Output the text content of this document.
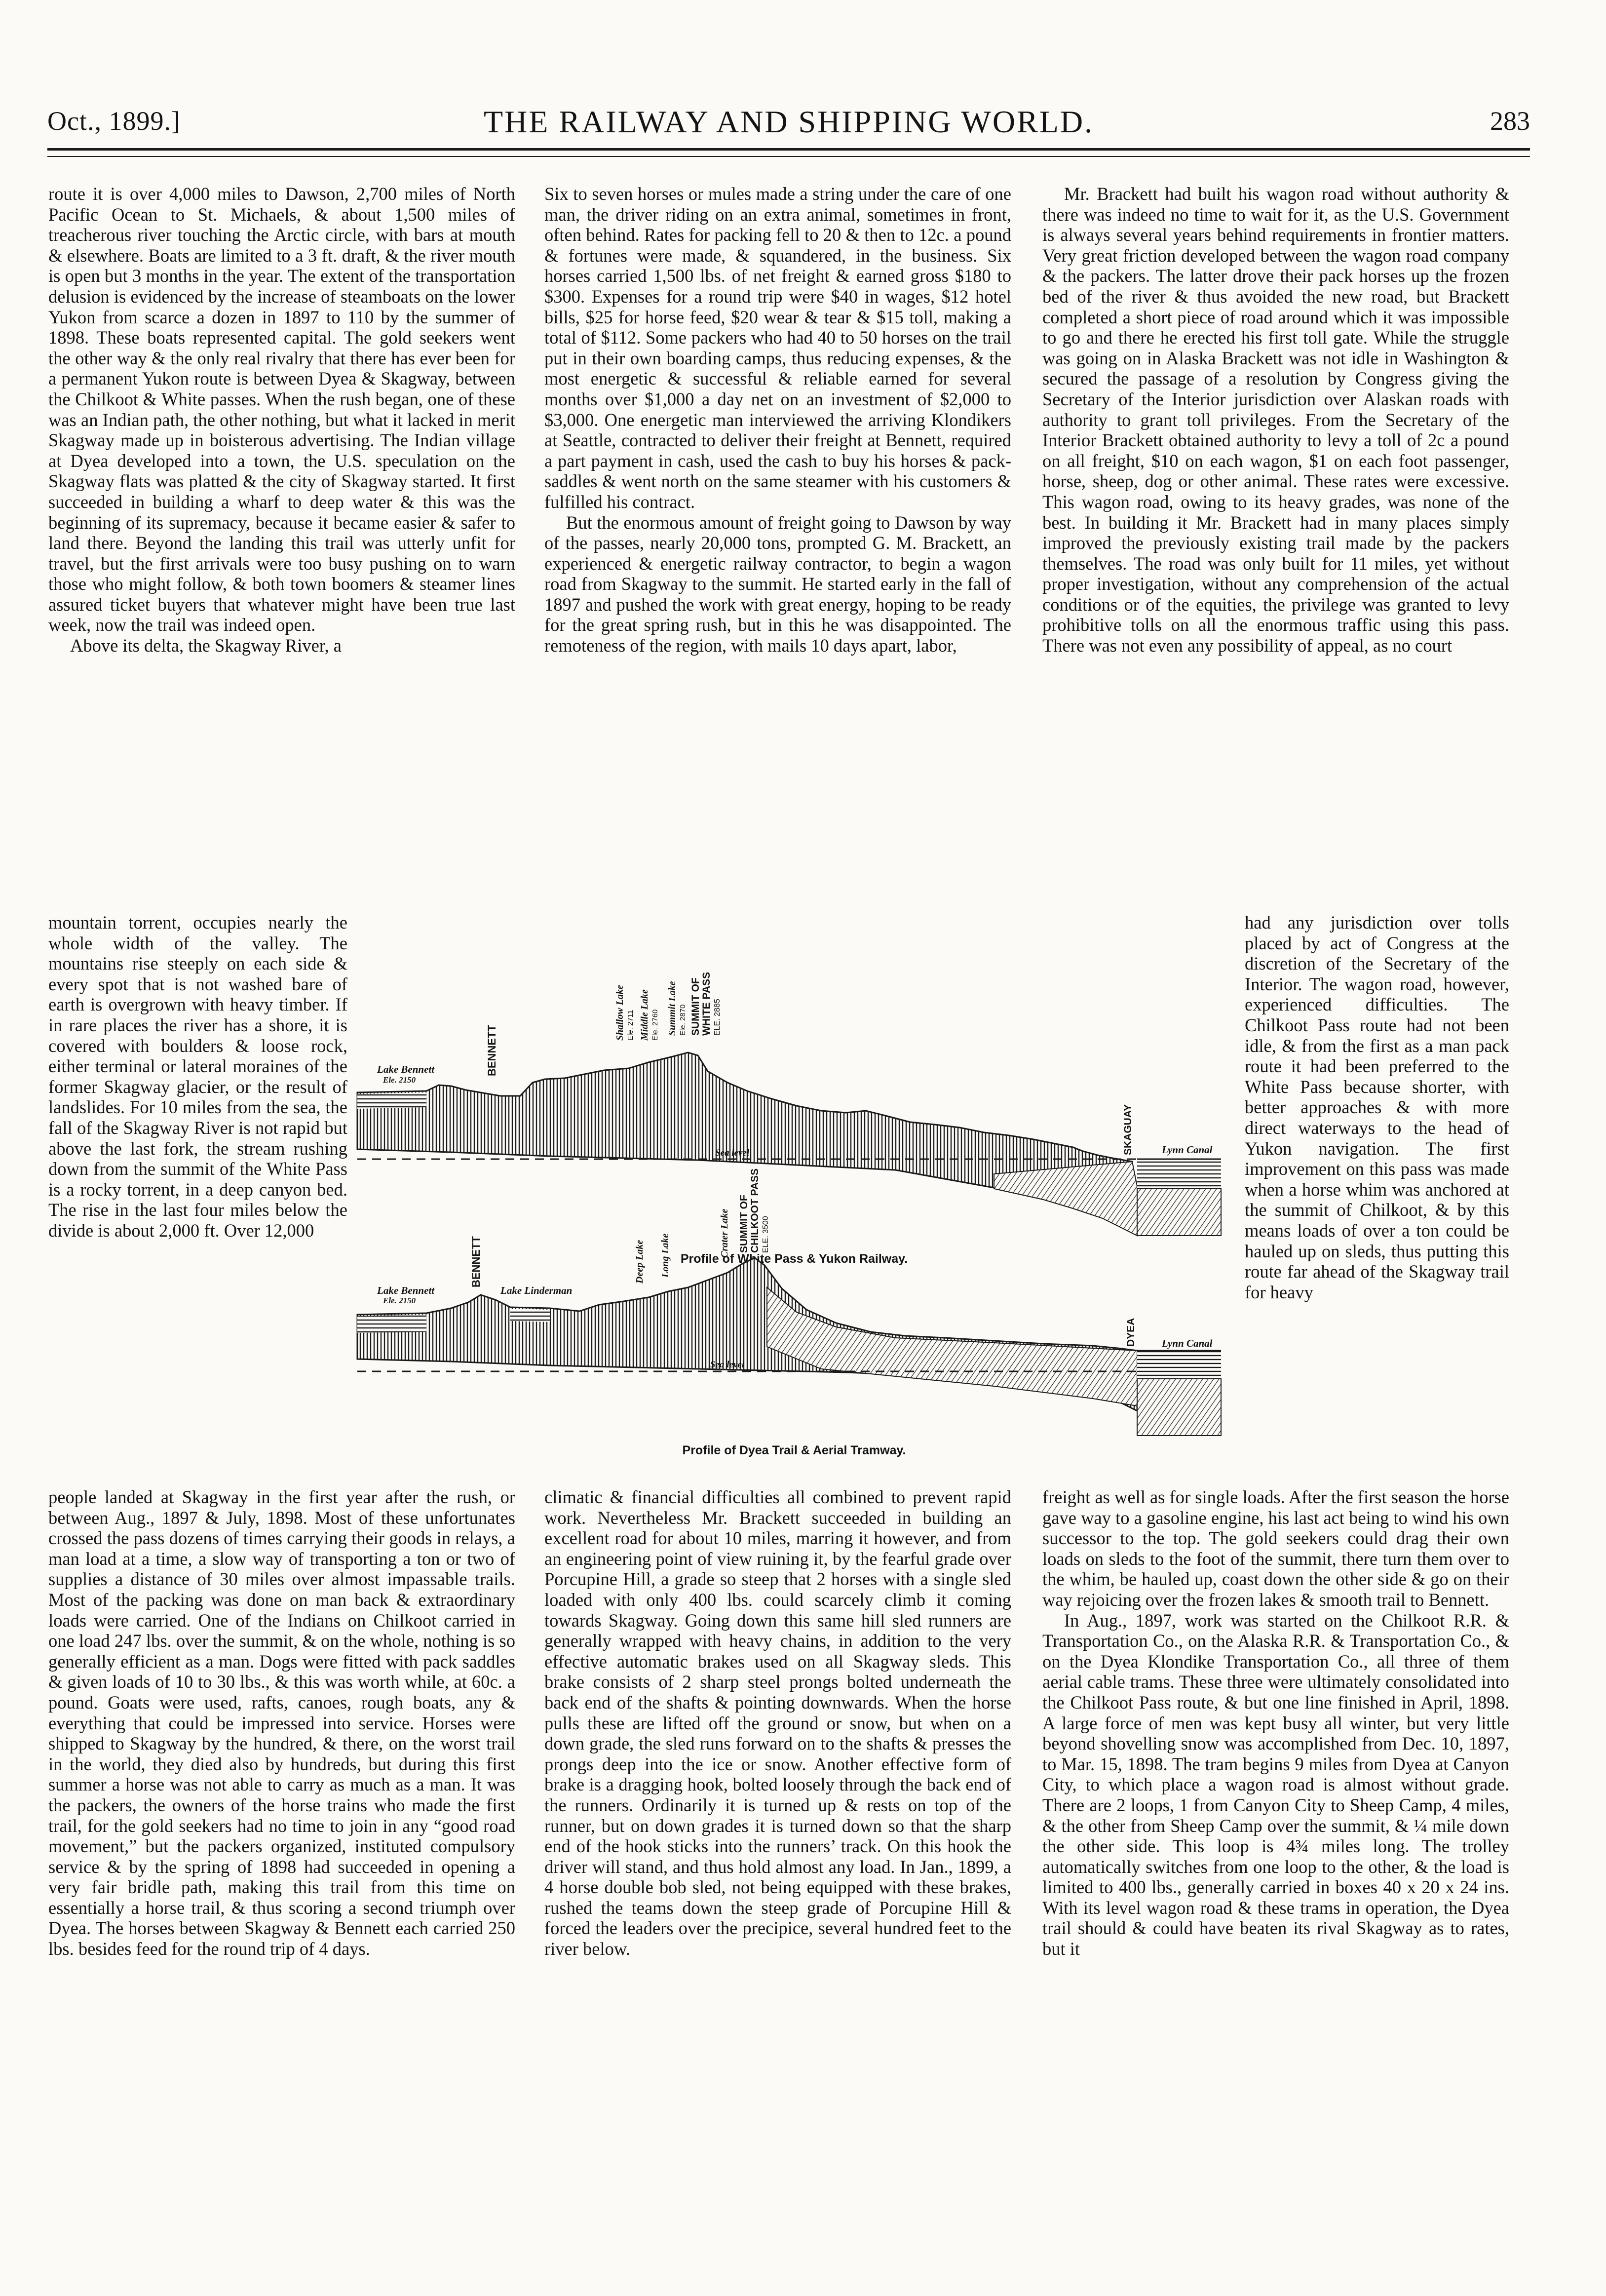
Oct., 1899.]	THE RAILWAY AND SHIPPING WORLD.	283

route it is over 4,000 miles to Dawson, 2,700 miles of North Pacific Ocean to St. Michaels, & about 1,500 miles of treacherous river touching the Arctic circle, with bars at mouth & elsewhere. Boats are limited to a 3 ft. draft, & the river mouth is open but 3 months in the year. The extent of the transportation delusion is evidenced by the increase of steamboats on the lower Yukon from scarce a dozen in 1897 to 110 by the summer of 1898. These boats represented capital. The gold seekers went the other way & the only real rivalry that there has ever been for a permanent Yukon route is between Dyea & Skagway, between the Chilkoot & White passes. When the rush began, one of these was an Indian path, the other nothing, but what it lacked in merit Skagway made up in boisterous advertising. The Indian village at Dyea developed into a town, the U.S. speculation on the Skagway flats was platted & the city of Skagway started. It first succeeded in building a wharf to deep water & this was the beginning of its supremacy, because it became easier & safer to land there. Beyond the landing this trail was utterly unfit for travel, but the first arrivals were too busy pushing on to warn those who might follow, & both town boomers & steamer lines assured ticket buyers that whatever might have been true last week, now the trail was indeed open.

Above its delta, the Skagway River, a

mountain torrent, occupies nearly the whole width of the valley. The mountains rise steeply on each side & every spot that is not washed bare of earth is overgrown with heavy timber. If in rare places the river has a shore, it is covered with boulders & loose rock, either terminal or lateral moraines of the former Skagway glacier, or the result of landslides. For 10 miles from the sea, the fall of the Skagway River is not rapid but above the last fork, the stream rushing down from the summit of the White Pass is a rocky torrent, in a deep canyon bed. The rise in the last four miles below the divide is about 2,000 ft. Over 12,000

people landed at Skagway in the first year after the rush, or between Aug., 1897 & July, 1898. Most of these unfortunates crossed the pass dozens of times carrying their goods in relays, a man load at a time, a slow way of transporting a ton or two of supplies a distance of 30 miles over almost impassable trails. Most of the packing was done on man back & extraordinary loads were carried. One of the Indians on Chilkoot carried in one load 247 lbs. over the summit, & on the whole, nothing is so generally efficient as a man. Dogs were fitted with pack saddles & given loads of 10 to 30 lbs., & this was worth while, at 60c. a pound. Goats were used, rafts, canoes, rough boats, any & everything that could be impressed into service. Horses were shipped to Skagway by the hundred, & there, on the worst trail in the world, they died also by hundreds, but during this first summer a horse was not able to carry as much as a man. It was the packers, the owners of the horse trains who made the first trail, for the gold seekers had no time to join in any “good road movement,” but the packers organized, instituted compulsory service & by the spring of 1898 had succeeded in opening a very fair bridle path, making this trail from this time on essentially a horse trail, & thus scoring a second triumph over Dyea. The horses between Skagway & Bennett each carried 250 lbs. besides feed for the round trip of 4 days.

Six to seven horses or mules made a string under the care of one man, the driver riding on an extra animal, sometimes in front, often behind. Rates for packing fell to 20 & then to 12c. a pound & fortunes were made, & squandered, in the business. Six horses carried 1,500 lbs. of net freight & earned gross $180 to $300. Expenses for a round trip were $40 in wages, $12 hotel bills, $25 for horse feed, $20 wear & tear & $15 toll, making a total of $112. Some packers who had 40 to 50 horses on the trail put in their own boarding camps, thus reducing expenses, & the most energetic & successful & reliable earned for several months over $1,000 a day net on an investment of $2,000 to $3,000. One energetic man interviewed the arriving Klondikers at Seattle, contracted to deliver their freight at Bennett, required a part payment in cash, used the cash to buy his horses & pack-saddles & went north on the same steamer with his customers & fulfilled his contract.

But the enormous amount of freight going to Dawson by way of the passes, nearly 20,000 tons, prompted G. M. Brackett, an experienced & energetic railway contractor, to begin a wagon road from Skagway to the summit. He started early in the fall of 1897 and pushed the work with great energy, hoping to be ready for the great spring rush, but in this he was disappointed. The remoteness of the region, with mails 10 days apart, labor,

climatic & financial difficulties all combined to prevent rapid work. Nevertheless Mr. Brackett succeeded in building an excellent road for about 10 miles, marring it however, and from an engineering point of view ruining it, by the fearful grade over Porcupine Hill, a grade so steep that 2 horses with a single sled loaded with only 400 lbs. could scarcely climb it coming towards Skagway. Going down this same hill sled runners are generally wrapped with heavy chains, in addition to the very effective automatic brakes used on all Skagway sleds. This brake consists of 2 sharp steel prongs bolted underneath the back end of the shafts & pointing downwards. When the horse pulls these are lifted off the ground or snow, but when on a down grade, the sled runs forward on to the shafts & presses the prongs deep into the ice or snow. Another effective form of brake is a dragging hook, bolted loosely through the back end of the runners. Ordinarily it is turned up & rests on top of the runner, but on down grades it is turned down so that the sharp end of the hook sticks into the runners’ track. On this hook the driver will stand, and thus hold almost any load. In Jan., 1899, a 4 horse double bob sled, not being equipped with these brakes, rushed the teams down the steep grade of Porcupine Hill & forced the leaders over the precipice, several hundred feet to the river below.

Mr. Brackett had built his wagon road without authority & there was indeed no time to wait for it, as the U.S. Government is always several years behind requirements in frontier matters. Very great friction developed between the wagon road company & the packers. The latter drove their pack horses up the frozen bed of the river & thus avoided the new road, but Brackett completed a short piece of road around which it was impossible to go and there he erected his first toll gate. While the struggle was going on in Alaska Brackett was not idle in Washington & secured the passage of a resolution by Congress giving the Secretary of the Interior jurisdiction over Alaskan roads with authority to grant toll privileges. From the Secretary of the Interior Brackett obtained authority to levy a toll of 2c a pound on all freight, $10 on each wagon, $1 on each foot passenger, horse, sheep, dog or other animal. These rates were excessive. This wagon road, owing to its heavy grades, was none of the best. In building it Mr. Brackett had in many places simply improved the previously existing trail made by the packers themselves. The road was only built for 11 miles, yet without proper investigation, without any comprehension of the actual conditions or of the equities, the privilege was granted to levy prohibitive tolls on all the enormous traffic using this pass. There was not even any possibility of appeal, as no court

had any jurisdiction over tolls placed by act of Congress at the discretion of the Secretary of the Interior. The wagon road, however, experienced difficulties. The Chilkoot Pass route had not been idle, & from the first as a man pack route it had been preferred to the White Pass because shorter, with better approaches & with more direct waterways to the head of Yukon navigation. The first improvement on this pass was made when a horse whim was anchored at the summit of Chilkoot, & by this means loads of over a ton could be hauled up on sleds, thus putting this route far ahead of the Skagway trail for heavy

freight as well as for single loads. After the first season the horse gave way to a gasoline engine, his last act being to wind his own successor to the top. The gold seekers could drag their own loads on sleds to the foot of the summit, there turn them over to the whim, be hauled up, coast down the other side & go on their way rejoicing over the frozen lakes & smooth trail to Bennett.

In Aug., 1897, work was started on the Chilkoot R.R. & Transportation Co., on the Alaska R.R. & Transportation Co., & on the Dyea Klondike Transportation Co., all three of them aerial cable trams. These three were ultimately consolidated into the Chilkoot Pass route, & but one line finished in April, 1898. A large force of men was kept busy all winter, but very little beyond shovelling snow was accomplished from Dec. 10, 1897, to Mar. 15, 1898. The tram begins 9 miles from Dyea at Canyon City, to which place a wagon road is almost without grade. There are 2 loops, 1 from Canyon City to Sheep Camp, 4 miles, & the other from Sheep Camp over the summit, & ¼ mile down the other side. This loop is 4¾ miles long. The trolley automatically switches from one loop to the other, & the load is limited to 400 lbs., generally carried in boxes 40 x 20 x 24 ins. With its level wagon road & these trams in operation, the Dyea trail should & could have beaten its rival Skagway as to rates, but it

Lake Bennett
Ele. 2150
BENNETT
Shallow Lake Ele. 2711 Middle Lake Ele. 2760 Summit Lake Ele. 2870 SUMMIT OF WHITE PASS ELE. 2885
SKAGUAY	Lynn Canal
Sea level
Profile of White Pass & Yukon Railway.
Lake Bennett
Ele. 2150
BENNETT
Lake Linderman
Deep Lake Long Lake	Crater Lake SUMMIT OF CHILKOOT PASS ELE. 3500
DYEA Lynn Canal
Sea level
Profile of Dyea Trail & Aerial Tramway.
